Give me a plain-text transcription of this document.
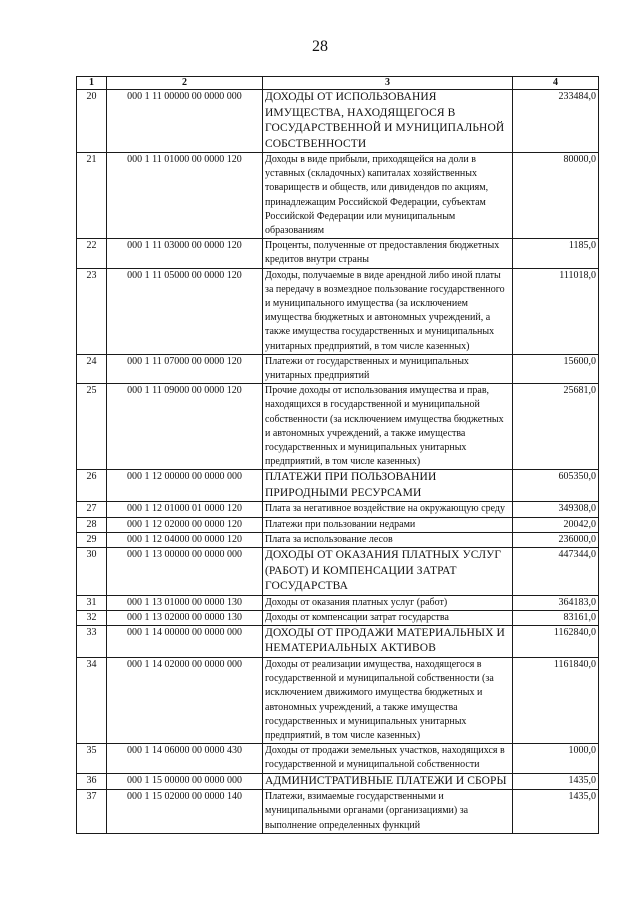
28
1	2	3	4
20	000 1 11 00000 00 0000 000	ДОХОДЫ ОТ ИСПОЛЬЗОВАНИЯ ИМУЩЕСТВА, НАХОДЯЩЕГОСЯ В ГОСУДАРСТВЕННОЙ И МУНИЦИПАЛЬНОЙ СОБСТВЕННОСТИ	233484,0
21	000 1 11 01000 00 0000 120	Доходы в виде прибыли, приходящейся на доли в уставных (складочных) капиталах хозяйственных товариществ и обществ, или дивидендов по акциям, принадлежащим Российской Федерации, субъектам Российской Федерации или муниципальным образованиям	80000,0
22	000 1 11 03000 00 0000 120	Проценты, полученные от предоставления бюджетных кредитов внутри страны	1185,0
23	000 1 11 05000 00 0000 120	Доходы, получаемые в виде арендной либо иной платы за передачу в возмездное пользование государственного и муниципального имущества (за исключением имущества бюджетных и автономных учреждений, а также имущества государственных и муниципальных унитарных предприятий, в том числе казенных)	111018,0
24	000 1 11 07000 00 0000 120	Платежи от государственных и муниципальных унитарных предприятий	15600,0
25	000 1 11 09000 00 0000 120	Прочие доходы от использования имущества и прав, находящихся в государственной и муниципальной собственности (за исключением имущества бюджетных и автономных учреждений, а также имущества государственных и муниципальных унитарных предприятий, в том числе казенных)	25681,0
26	000 1 12 00000 00 0000 000	ПЛАТЕЖИ ПРИ ПОЛЬЗОВАНИИ ПРИРОДНЫМИ РЕСУРСАМИ	605350,0
27	000 1 12 01000 01 0000 120	Плата за негативное воздействие на окружающую среду	349308,0
28	000 1 12 02000 00 0000 120	Платежи при пользовании недрами	20042,0
29	000 1 12 04000 00 0000 120	Плата за использование лесов	236000,0
30	000 1 13 00000 00 0000 000	ДОХОДЫ ОТ ОКАЗАНИЯ ПЛАТНЫХ УСЛУГ (РАБОТ) И КОМПЕНСАЦИИ ЗАТРАТ ГОСУДАРСТВА	447344,0
31	000 1 13 01000 00 0000 130	Доходы от оказания платных услуг (работ)	364183,0
32	000 1 13 02000 00 0000 130	Доходы от компенсации затрат государства	83161,0
33	000 1 14 00000 00 0000 000	ДОХОДЫ ОТ ПРОДАЖИ МАТЕРИАЛЬНЫХ И НЕМАТЕРИАЛЬНЫХ АКТИВОВ	1162840,0
34	000 1 14 02000 00 0000 000	Доходы от реализации имущества, находящегося в государственной и муниципальной собственности (за исключением движимого имущества бюджетных и автономных учреждений, а также имущества государственных и муниципальных унитарных предприятий, в том числе казенных)	1161840,0
35	000 1 14 06000 00 0000 430	Доходы от продажи земельных участков, находящихся в государственной и муниципальной собственности	1000,0
36	000 1 15 00000 00 0000 000	АДМИНИСТРАТИВНЫЕ ПЛАТЕЖИ И СБОРЫ	1435,0
37	000 1 15 02000 00 0000 140	Платежи, взимаемые государственными и муниципальными органами (организациями) за выполнение определенных функций	1435,0
